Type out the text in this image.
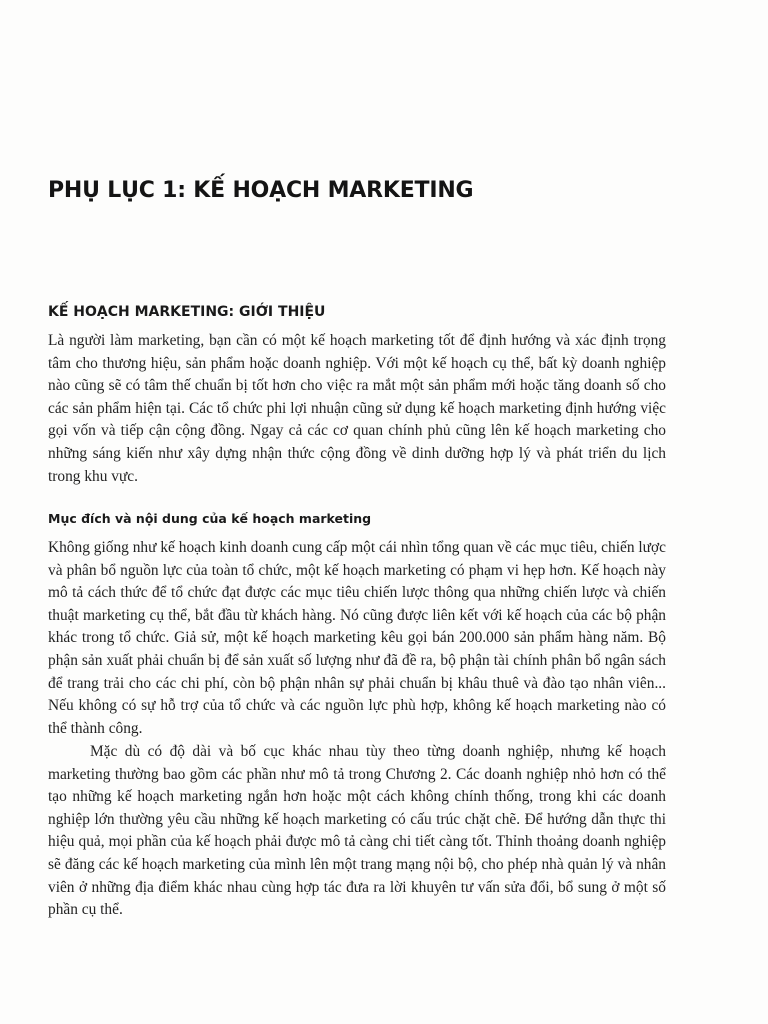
PHỤ LỤC 1: KẾ HOẠCH MARKETING
KẾ HOẠCH MARKETING: GIỚI THIỆU

Là người làm marketing, bạn cần có một kế hoạch marketing tốt để định hướng và xác định trọng tâm cho thương hiệu, sản phẩm hoặc doanh nghiệp. Với một kế hoạch cụ thể, bất kỳ doanh nghiệp nào cũng sẽ có tâm thế chuẩn bị tốt hơn cho việc ra mắt một sản phẩm mới hoặc tăng doanh số cho các sản phẩm hiện tại. Các tổ chức phi lợi nhuận cũng sử dụng kế hoạch marketing định hướng việc gọi vốn và tiếp cận cộng đồng. Ngay cả các cơ quan chính phủ cũng lên kế hoạch marketing cho những sáng kiến như xây dựng nhận thức cộng đồng về dinh dưỡng hợp lý và phát triển du lịch trong khu vực.

Mục đích và nội dung của kế hoạch marketing

Không giống như kế hoạch kinh doanh cung cấp một cái nhìn tổng quan về các mục tiêu, chiến lược và phân bổ nguồn lực của toàn tổ chức, một kế hoạch marketing có phạm vi hẹp hơn. Kế hoạch này mô tả cách thức để tổ chức đạt được các mục tiêu chiến lược thông qua những chiến lược và chiến thuật marketing cụ thể, bắt đầu từ khách hàng. Nó cũng được liên kết với kế hoạch của các bộ phận khác trong tổ chức. Giả sử, một kế hoạch marketing kêu gọi bán 200.000 sản phẩm hàng năm. Bộ phận sản xuất phải chuẩn bị để sản xuất số lượng như đã đề ra, bộ phận tài chính phân bổ ngân sách để trang trải cho các chi phí, còn bộ phận nhân sự phải chuẩn bị khâu thuê và đào tạo nhân viên... Nếu không có sự hỗ trợ của tổ chức và các nguồn lực phù hợp, không kế hoạch marketing nào có thể thành công.

Mặc dù có độ dài và bố cục khác nhau tùy theo từng doanh nghiệp, nhưng kế hoạch marketing thường bao gồm các phần như mô tả trong Chương 2. Các doanh nghiệp nhỏ hơn có thể tạo những kế hoạch marketing ngắn hơn hoặc một cách không chính thống, trong khi các doanh nghiệp lớn thường yêu cầu những kế hoạch marketing có cấu trúc chặt chẽ. Để hướng dẫn thực thi hiệu quả, mọi phần của kế hoạch phải được mô tả càng chi tiết càng tốt. Thỉnh thoảng doanh nghiệp sẽ đăng các kế hoạch marketing của mình lên một trang mạng nội bộ, cho phép nhà quản lý và nhân viên ở những địa điểm khác nhau cùng hợp tác đưa ra lời khuyên tư vấn sửa đổi, bổ sung ở một số phần cụ thể.
